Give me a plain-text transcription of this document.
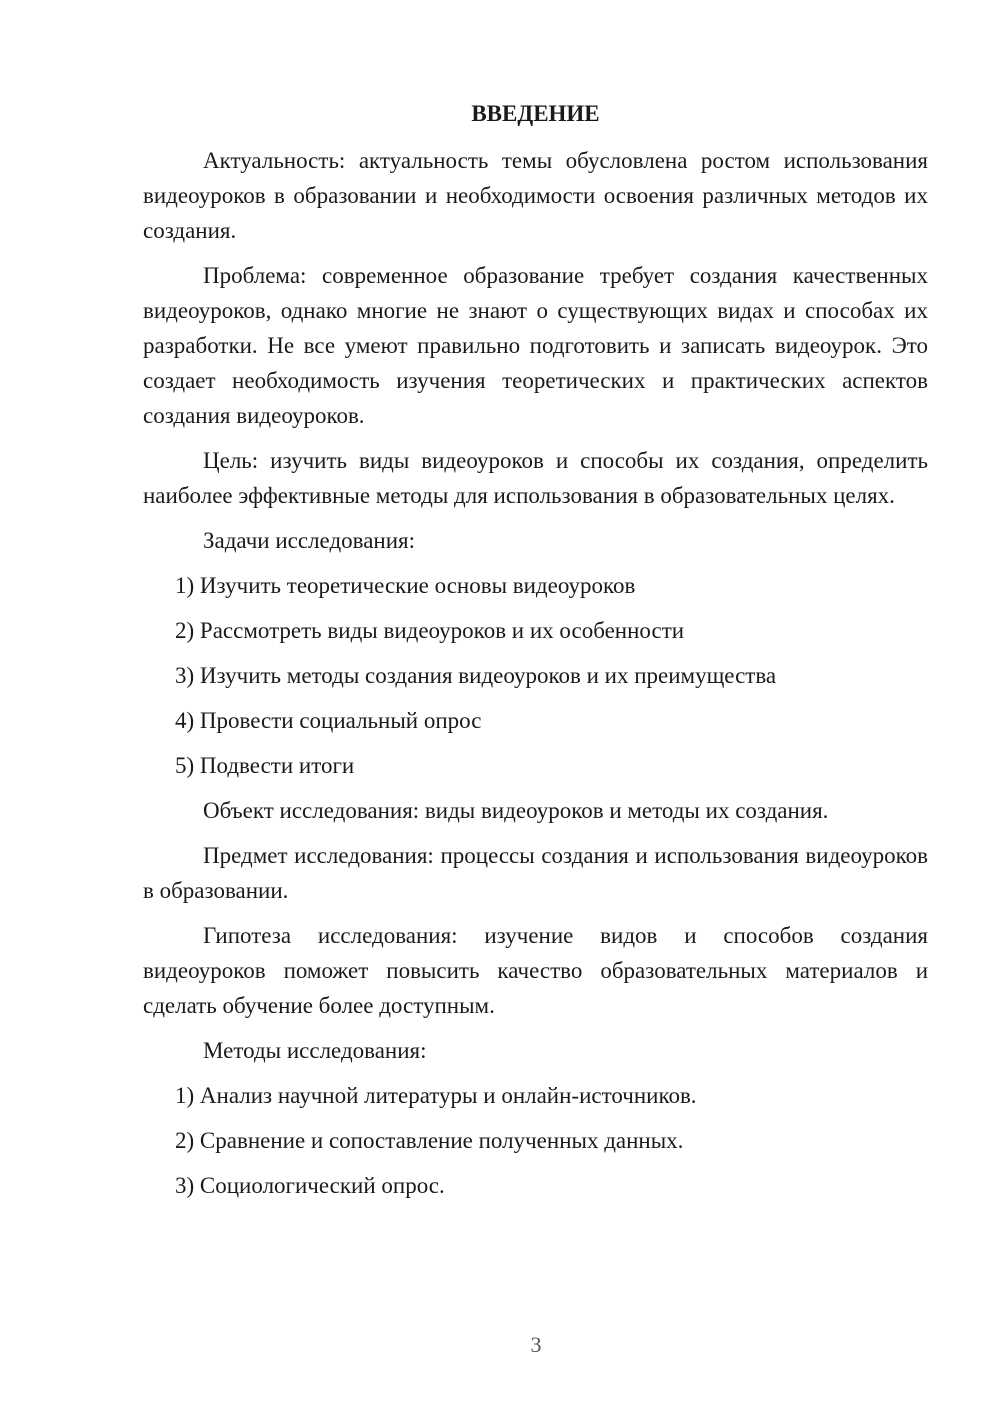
ВВЕДЕНИЕ

Актуальность: актуальность темы обусловлена ростом использования видеоуроков в образовании и необходимости освоения различных методов их создания.

Проблема: современное образование требует создания качественных видеоуроков, однако многие не знают о существующих видах и способах их разработки. Не все умеют правильно подготовить и записать видеоурок. Это создает необходимость изучения теоретических и практических аспектов создания видеоуроков.

Цель: изучить виды видеоуроков и способы их создания, определить наиболее эффективные методы для использования в образовательных целях.

Задачи исследования:

1) Изучить теоретические основы видеоуроков
2) Рассмотреть виды видеоуроков и их особенности
3) Изучить методы создания видеоуроков и их преимущества
4) Провести социальный опрос
5) Подвести итоги

Объект исследования: виды видеоуроков и методы их создания.

Предмет исследования: процессы создания и использования видеоуроков в образовании.

Гипотеза исследования: изучение видов и способов создания видеоуроков поможет повысить качество образовательных материалов и сделать обучение более доступным.

Методы исследования:

1) Анализ научной литературы и онлайн-источников.
2) Сравнение и сопоставление полученных данных.
3) Социологический опрос.
3
